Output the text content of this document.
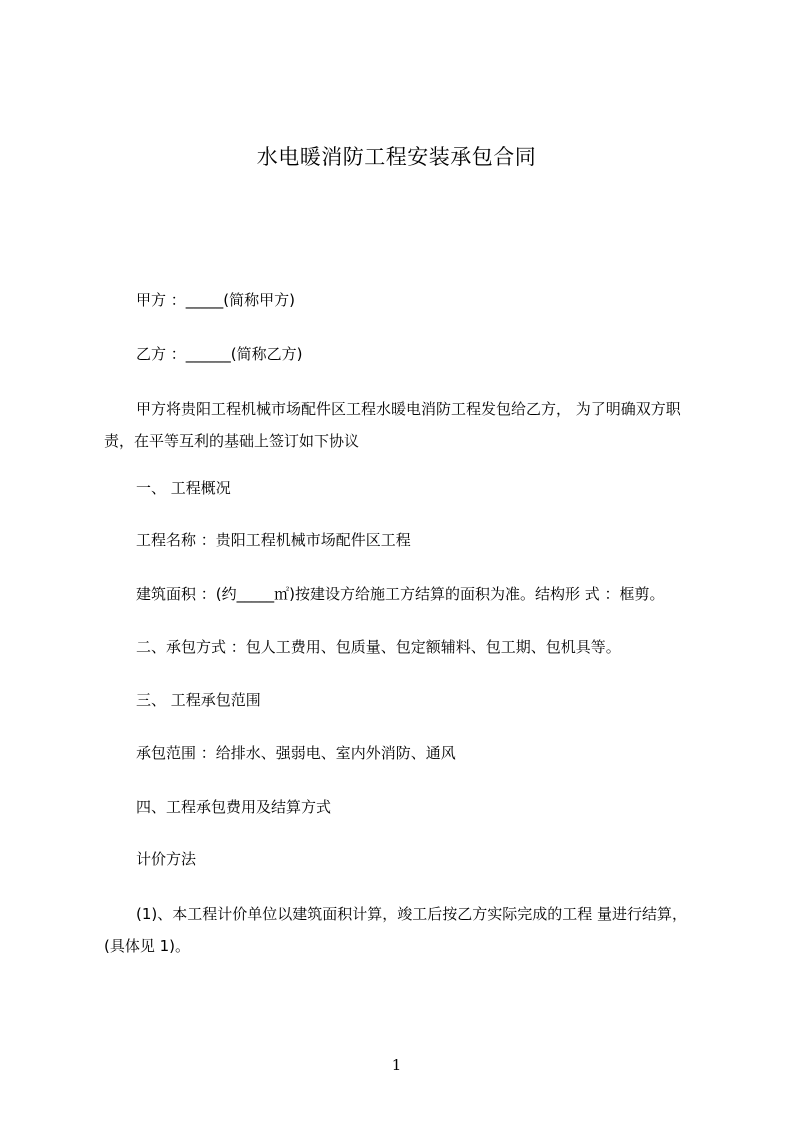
水电暖消防工程安装承包合同
甲方 ：_____(简称甲方)
乙方 ：______(简称乙方)
甲方将贵阳工程机械市场配件区工程水暖电消防工程发包给乙方， 为了明确双方职责，在平等互利的基础上签订如下协议
一、 工程概况
工程名称 ：贵阳工程机械市场配件区工程
建筑面积 ：(约_____㎡)按建设方给施工方结算的面积为准。结构形 式 ：框剪。
二、承包方式 ：包人工费用、包质量、包定额辅料、包工期、包机具等。
三、 工程承包范围
承包范围 ：给排水、强弱电、室内外消防、通风
四、工程承包费用及结算方式
计价方法
(1)、本工程计价单位以建筑面积计算，竣工后按乙方实际完成的工程 量进行结算，(具体见 1)。
1
